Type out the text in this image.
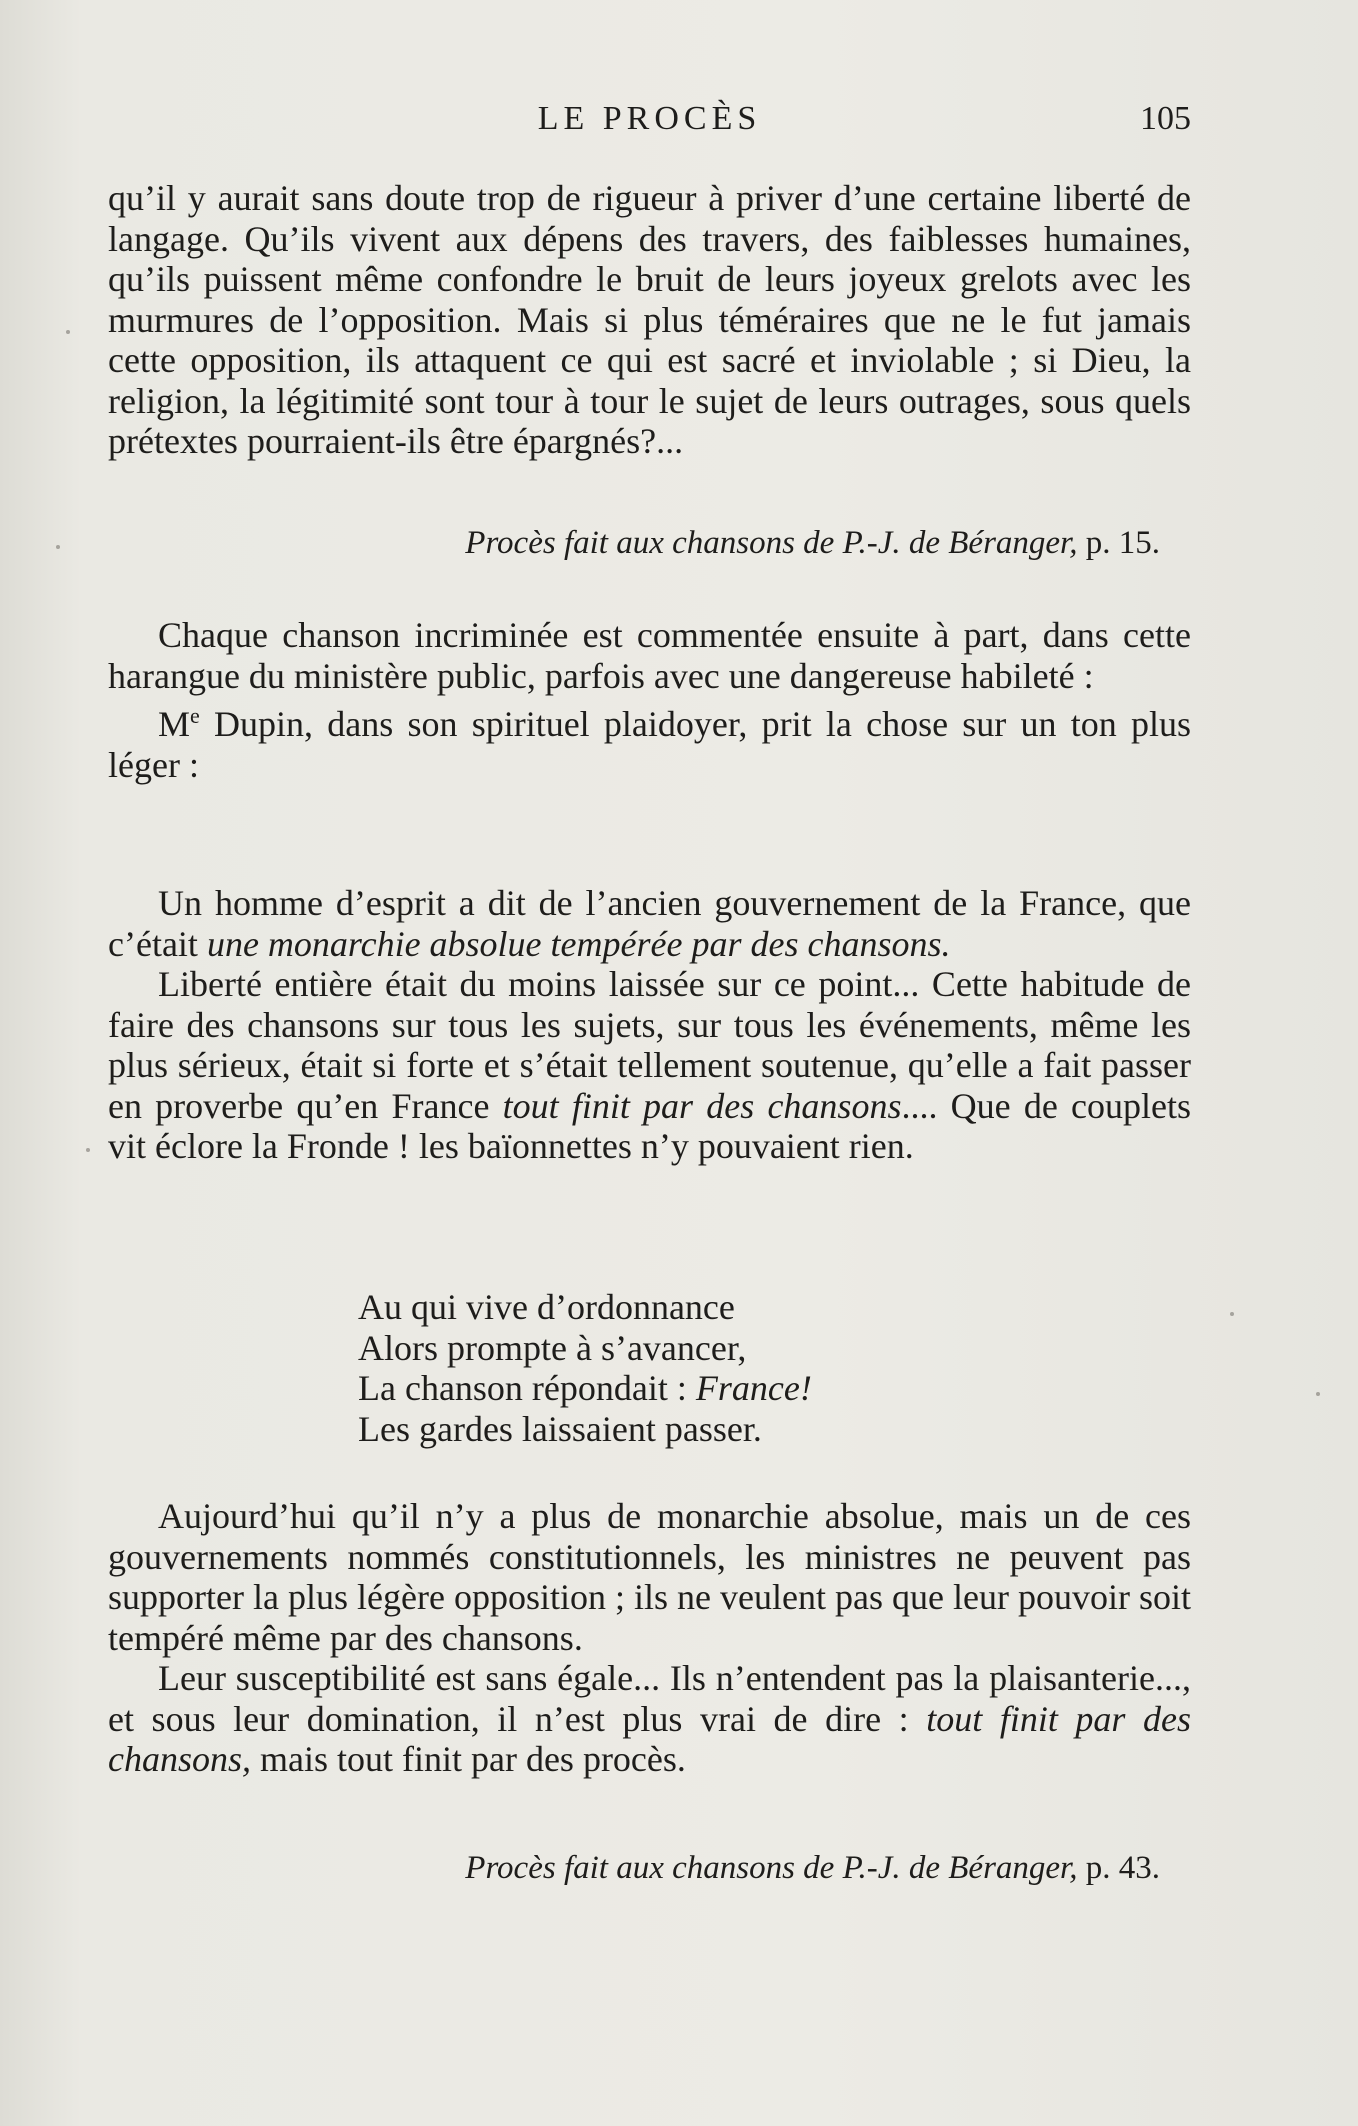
LE PROCÈS	105

qu’il y aurait sans doute trop de rigueur à priver d’une certaine liberté de langage. Qu’ils vivent aux dépens des travers, des faiblesses humaines, qu’ils puissent même confondre le bruit de leurs joyeux grelots avec les murmures de l’opposition. Mais si plus téméraires que ne le fut jamais cette opposition, ils attaquent ce qui est sacré et inviolable ; si Dieu, la religion, la légitimité sont tour à tour le sujet de leurs outrages, sous quels prétextes pourraient-ils être épargnés?...

Procès fait aux chansons de P.-J. de Béranger, p. 15.

Chaque chanson incriminée est commentée ensuite à part, dans cette harangue du ministère public, parfois avec une dangereuse habileté :

Me Dupin, dans son spirituel plaidoyer, prit la chose sur un ton plus léger :

Un homme d’esprit a dit de l’ancien gouvernement de la France, que c’était une monarchie absolue tempérée par des chansons.

Liberté entière était du moins laissée sur ce point... Cette habitude de faire des chansons sur tous les sujets, sur tous les événements, même les plus sérieux, était si forte et s’était tellement soutenue, qu’elle a fait passer en proverbe qu’en France tout finit par des chansons.... Que de couplets vit éclore la Fronde ! les baïonnettes n’y pouvaient rien.

Au qui vive d’ordonnance
Alors prompte à s’avancer,
La chanson répondait : France!
Les gardes laissaient passer.

Aujourd’hui qu’il n’y a plus de monarchie absolue, mais un de ces gouvernements nommés constitutionnels, les ministres ne peuvent pas supporter la plus légère opposition ; ils ne veulent pas que leur pouvoir soit tempéré même par des chansons.

Leur susceptibilité est sans égale... Ils n’entendent pas la plaisanterie..., et sous leur domination, il n’est plus vrai de dire : tout finit par des chansons, mais tout finit par des procès.

Procès fait aux chansons de P.-J. de Béranger, p. 43.
